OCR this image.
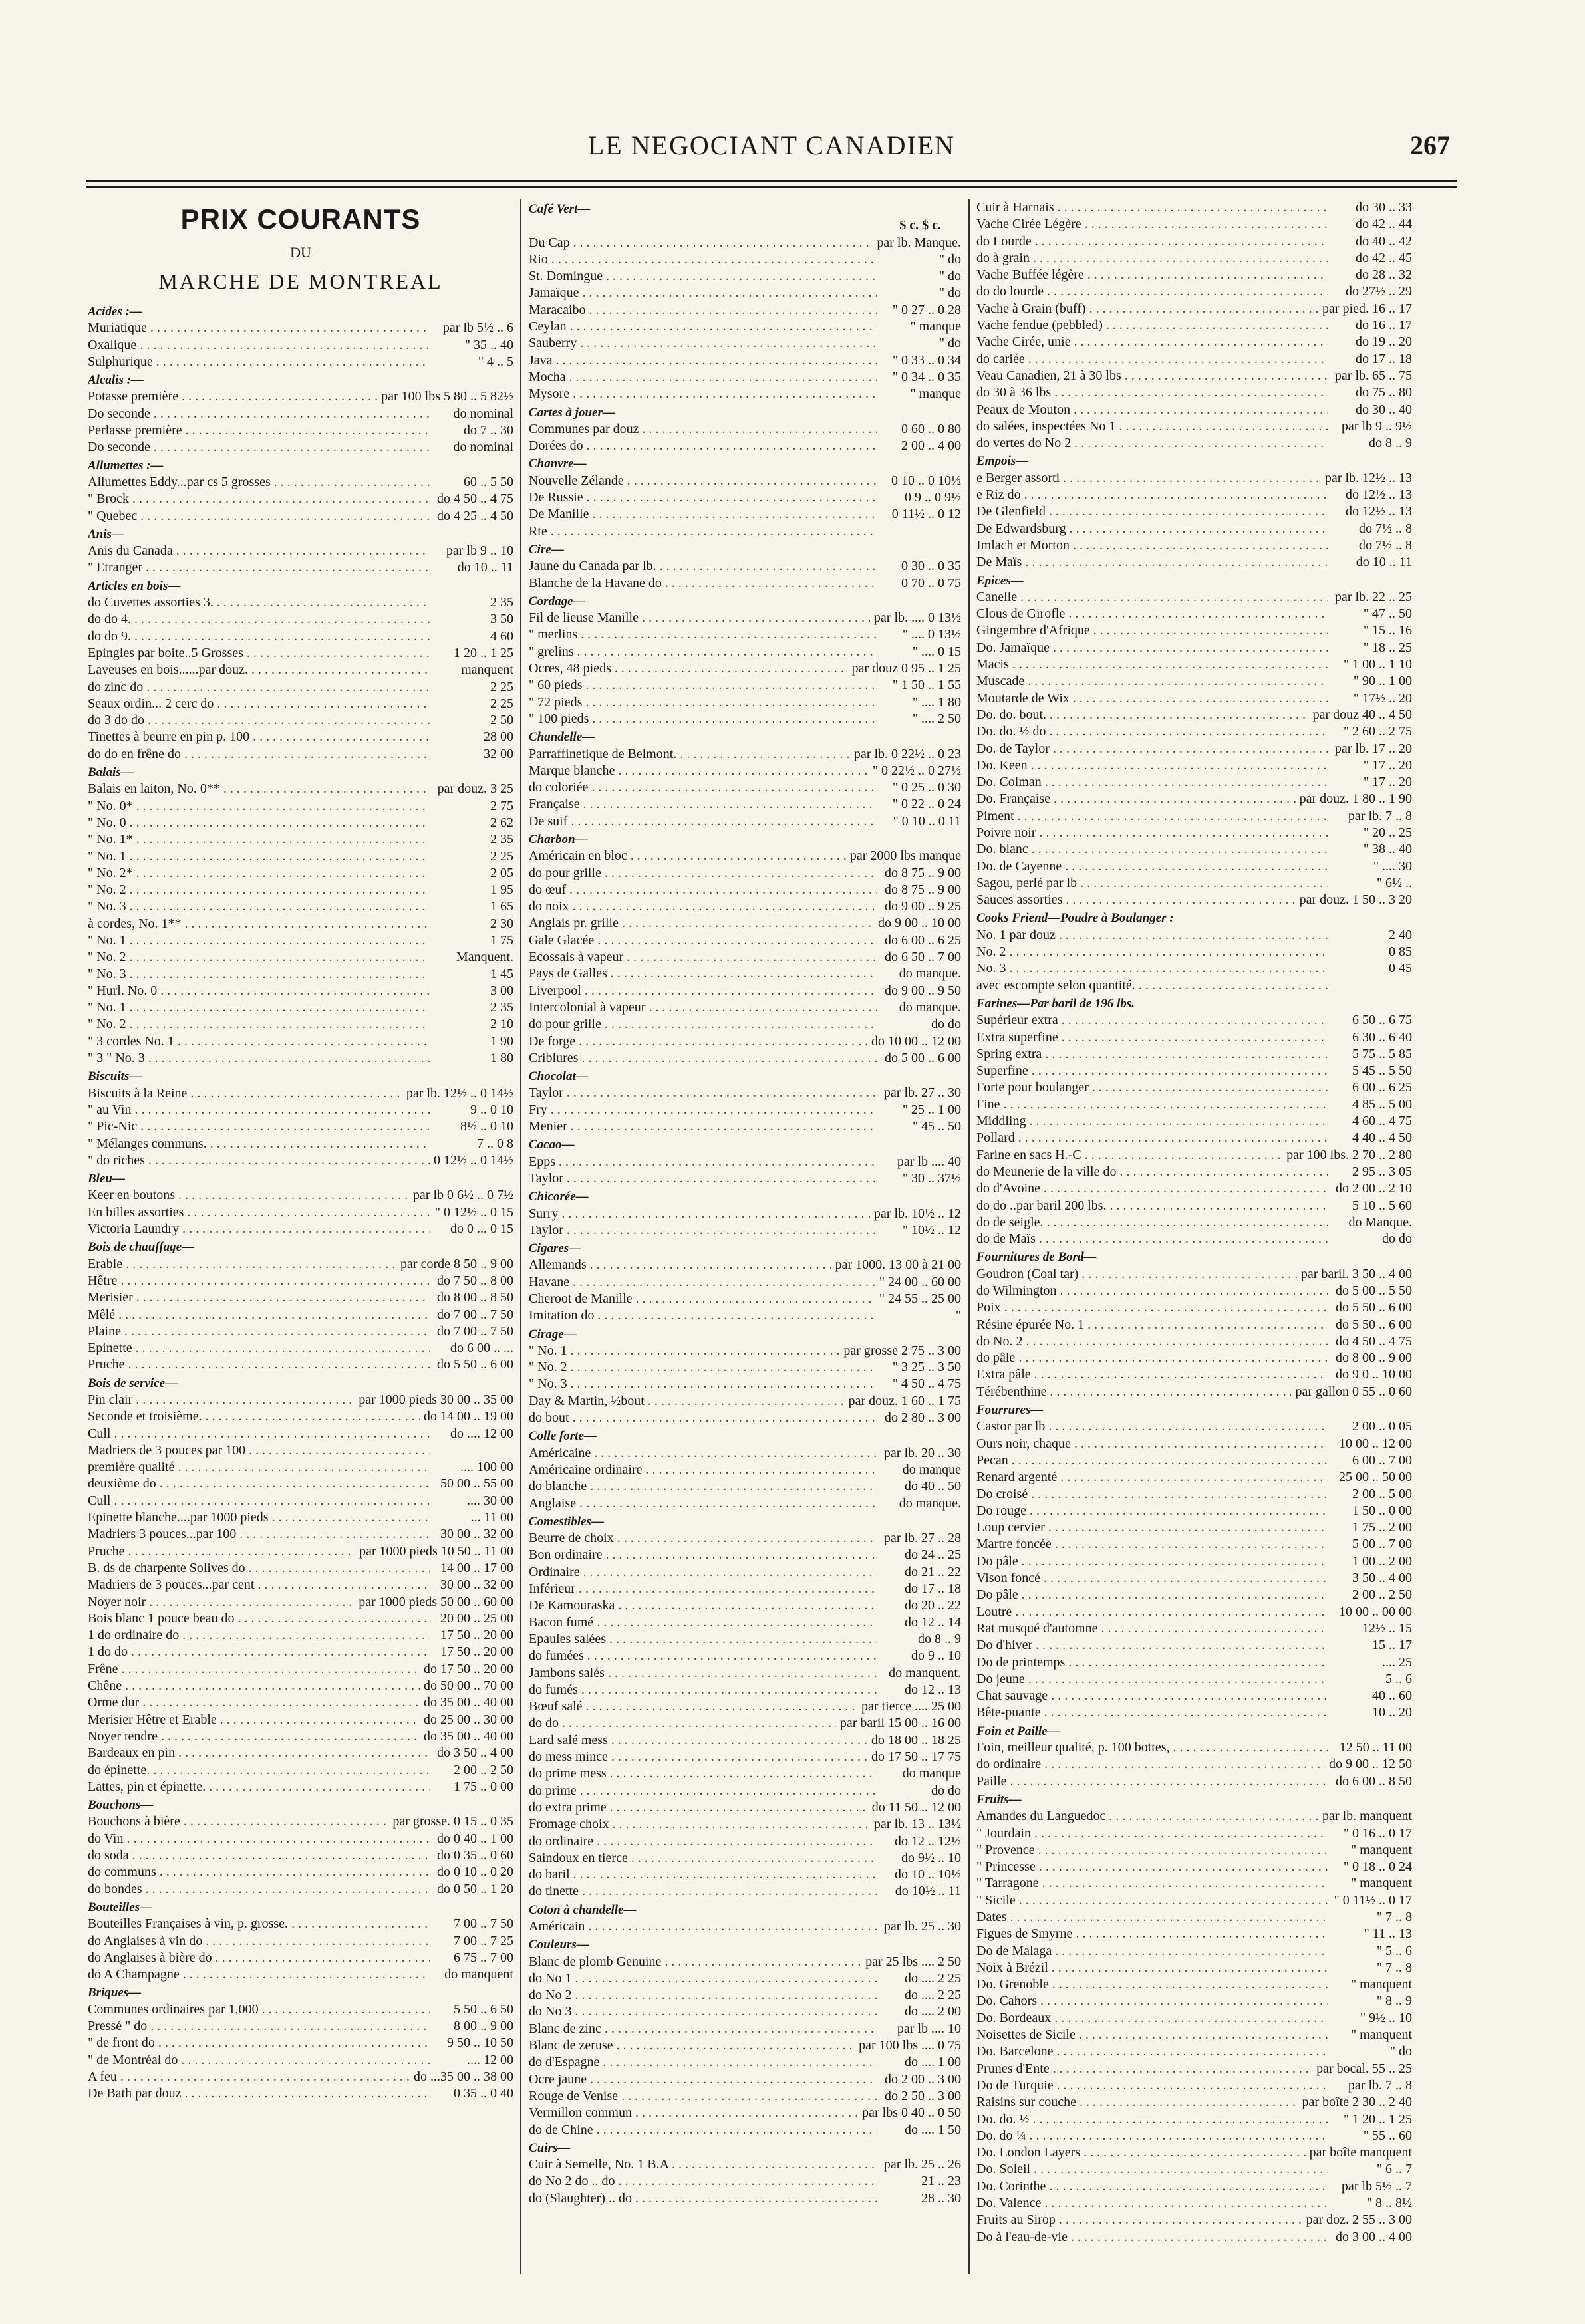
LE NEGOCIANT CANADIEN	267
PRIX COURANTS
DU
MARCHE DE MONTREAL
Acides :—
Muriatique . . .	par lb 5½ .. 6
Oxalique . . .	" 35 .. 40
Sulphurique . . .	" 4 .. 5
Alcalis :—
Potasse première . . .	par 100 lbs 5 80 .. 5 82½
Do seconde . . .	do nominal
Perlasse première . . .	do 7 .. 30
Do seconde . . .	do nominal
Allumettes :—
Allumettes Eddy...par cs 5 grosses . . .	60 .. 5 50
" Brock . . .	do 4 50 .. 4 75
" Quebec . . .	do 4 25 .. 4 50
Anis—
Anis du Canada . . .	par lb 9 .. 10
" Etranger . . .	do 10 .. 11
Articles en bois—
do Cuvettes assorties 3. . . .	2 35
do do 4. . . .	3 50
do do 9. . . .	4 60
Epingles par boite..5 Grosses . . .	1 20 .. 1 25
Laveuses en bois......par douz. . . .	manquent
do zinc do . . .	2 25
Seaux ordin... 2 cerc do . . .	2 25
do 3 do do . . .	2 50
Tinettes à beurre en pin p. 100 . . .	28 00
do do en frêne do . . .	32 00
Balais—
Balais en laiton, No. 0** . . .	par douz. 3 25
" No. 0* . . .	2 75
" No. 0 . . .	2 62
" No. 1* . . .	2 35
" No. 1 . . .	2 25
" No. 2* . . .	2 05
" No. 2 . . .	1 95
" No. 3 . . .	1 65
à cordes, No. 1** . . .	2 30
" No. 1 . . .	1 75
" No. 2 . . .	Manquent.
" No. 3 . . .	1 45
" Hurl. No. 0 . . .	3 00
" No. 1 . . .	2 35
" No. 2 . . .	2 10
" 3 cordes No. 1 . . .	1 90
" 3 " No. 3 . . .	1 80
Biscuits—
Biscuits à la Reine . . .	par lb. 12½ .. 0 14½
" au Vin . . .	9 .. 0 10
" Pic-Nic . . .	8½ .. 0 10
" Mélanges communs. . . .	7 .. 0 8
" do riches . . .	0 12½ .. 0 14½
Bleu—
Keer en boutons . . .	par lb 0 6½ .. 0 7½
En billes assorties . . .	" 0 12½ .. 0 15
Victoria Laundry . . .	do 0 ... 0 15
Bois de chauffage—
Erable . . .	par corde 8 50 .. 9 00
Hêtre . . .	do 7 50 .. 8 00
Merisier . . .	do 8 00 .. 8 50
Mêlé . . .	do 7 00 .. 7 50
Plaine . . .	do 7 00 .. 7 50
Epinette . . .	do 6 00 .. ...
Pruche . . .	do 5 50 .. 6 00
Bois de service—
Pin clair . . .	par 1000 pieds 30 00 .. 35 00
Seconde et troisième. . . .	do 14 00 .. 19 00
Cull . . .	do .... 12 00
Madriers de 3 pouces par 100 . . .
première qualité . . .	.... 100 00
deuxième do . . .	50 00 .. 55 00
Cull . . .	.... 30 00
Epinette blanche....par 1000 pieds . . .	... 11 00
Madriers 3 pouces...par 100 . . .	30 00 .. 32 00
Pruche . . .	par 1000 pieds 10 50 .. 11 00
B. ds de charpente Solives do . . .	14 00 .. 17 00
Madriers de 3 pouces...par cent . . .	30 00 .. 32 00
Noyer noir . . .	par 1000 pieds 50 00 .. 60 00
Bois blanc 1 pouce beau do . . .	20 00 .. 25 00
1 do ordinaire do . . .	17 50 .. 20 00
1 do do . . .	17 50 .. 20 00
Frêne . . .	do 17 50 .. 20 00
Chêne . . .	do 50 00 .. 70 00
Orme dur . . .	do 35 00 .. 40 00
Merisier Hêtre et Erable . . .	do 25 00 .. 30 00
Noyer tendre . . .	do 35 00 .. 40 00
Bardeaux en pin . . .	do 3 50 .. 4 00
do épinette. . . .	2 00 .. 2 50
Lattes, pin et épinette. . . .	1 75 .. 0 00
Bouchons—
Bouchons à bière . . .	par grosse. 0 15 .. 0 35
do Vin . . .	do 0 40 .. 1 00
do soda . . .	do 0 35 .. 0 60
do communs . . .	do 0 10 .. 0 20
do bondes . . .	do 0 50 .. 1 20
Bouteilles—
Bouteilles Françaises à vin, p. grosse. . . .	7 00 .. 7 50
do Anglaises à vin do . . .	7 00 .. 7 25
do Anglaises à bière do . . .	6 75 .. 7 00
do A Champagne . . .	do manquent
Briques—
Communes ordinaires par 1,000 . . .	5 50 .. 6 50
Pressé " do . . .	8 00 .. 9 00
" de front do . . .	9 50 .. 10 50
" de Montréal do . . .	.... 12 00
A feu . . .	do ...35 00 .. 38 00
De Bath par douz . . .	0 35 .. 0 40
Café Vert—
$ c. $ c.
Du Cap . . .	par lb. Manque.
Rio . . .	" do
St. Domingue . . .	" do
Jamaïque . . .	" do
Maracaibo . . .	" 0 27 .. 0 28
Ceylan . . .	" manque
Sauberry . . .	" do
Java . . .	" 0 33 .. 0 34
Mocha . . .	" 0 34 .. 0 35
Mysore . . .	" manque
Cartes à jouer—
Communes par douz . . .	0 60 .. 0 80
Dorées do . . .	2 00 .. 4 00
Chanvre—
Nouvelle Zélande . . .	0 10 .. 0 10½
De Russie . . .	0 9 .. 0 9½
De Manille . . .	0 11½ .. 0 12
Rte . . .
Cire—
Jaune du Canada par lb. . . .	0 30 .. 0 35
Blanche de la Havane do . . .	0 70 .. 0 75
Cordage—
Fil de lieuse Manille . . .	par lb. .... 0 13½
" merlins . . .	" .... 0 13½
" grelins . . .	" .... 0 15
Ocres, 48 pieds . . .	par douz 0 95 .. 1 25
" 60 pieds . . .	" 1 50 .. 1 55
" 72 pieds . . .	" .... 1 80
" 100 pieds . . .	" .... 2 50
Chandelle—
Parraffinetique de Belmont. . . .	par lb. 0 22½ .. 0 23
Marque blanche . . .	" 0 22½ .. 0 27½
do coloriée . . .	" 0 25 .. 0 30
Française . . .	" 0 22 .. 0 24
De suif . . .	" 0 10 .. 0 11
Charbon—
Américain en bloc . . .	par 2000 lbs manque
do pour grille . . .	do 8 75 .. 9 00
do œuf . . .	do 8 75 .. 9 00
do noix . . .	do 9 00 .. 9 25
Anglais pr. grille . . .	do 9 00 .. 10 00
Gale Glacée . . .	do 6 00 .. 6 25
Ecossais à vapeur . . .	do 6 50 .. 7 00
Pays de Galles . . .	do manque.
Liverpool . . .	do 9 00 .. 9 50
Intercolonial à vapeur . . .	do manque.
do pour grille . . .	do do
De forge . . .	do 10 00 .. 12 00
Criblures . . .	do 5 00 .. 6 00
Chocolat—
Taylor . . .	par lb. 27 .. 30
Fry . . .	" 25 .. 1 00
Menier . . .	" 45 .. 50
Cacao—
Epps . . .	par lb .... 40
Taylor . . .	" 30 .. 37½
Chicorée—
Surry . . .	par lb. 10½ .. 12
Taylor . . .	" 10½ .. 12
Cigares—
Allemands . . .	par 1000. 13 00 à 21 00
Havane . . .	" 24 00 .. 60 00
Cheroot de Manille . . .	" 24 55 .. 25 00
Imitation do . . .	"
Cirage—
" No. 1 . . .	par grosse 2 75 .. 3 00
" No. 2 . . .	" 3 25 .. 3 50
" No. 3 . . .	" 4 50 .. 4 75
Day & Martin, ½bout . . .	par douz. 1 60 .. 1 75
do bout . . .	do 2 80 .. 3 00
Colle forte—
Américaine . . .	par lb. 20 .. 30
Américaine ordinaire . . .	do manque
do blanche . . .	do 40 .. 50
Anglaise . . .	do manque.
Comestibles—
Beurre de choix . . .	par lb. 27 .. 28
Bon ordinaire . . .	do 24 .. 25
Ordinaire . . .	do 21 .. 22
Inférieur . . .	do 17 .. 18
De Kamouraska . . .	do 20 .. 22
Bacon fumé . . .	do 12 .. 14
Epaules salées . . .	do 8 .. 9
do fumées . . .	do 9 .. 10
Jambons salés . . .	do manquent.
do fumés . . .	do 12 .. 13
Bœuf salé . . .	par tierce .... 25 00
do do . . .	par baril 15 00 .. 16 00
Lard salé mess . . .	do 18 00 .. 18 25
do mess mince . . .	do 17 50 .. 17 75
do prime mess . . .	do manque
do prime . . .	do do
do extra prime . . .	do 11 50 .. 12 00
Fromage choix . . .	par lb. 13 .. 13½
do ordinaire . . .	do 12 .. 12½
Saindoux en tierce . . .	do 9½ .. 10
do baril . . .	do 10 .. 10½
do tinette . . .	do 10½ .. 11
Coton à chandelle—
Américain . . .	par lb. 25 .. 30
Couleurs—
Blanc de plomb Genuine . . .	par 25 lbs .... 2 50
do No 1 . . .	do .... 2 25
do No 2 . . .	do .... 2 25
do No 3 . . .	do .... 2 00
Blanc de zinc . . .	par lb .... 10
Blanc de zeruse . . .	par 100 lbs .... 0 75
do d'Espagne . . .	do .... 1 00
Ocre jaune . . .	do 2 00 .. 3 00
Rouge de Venise . . .	do 2 50 .. 3 00
Vermillon commun . . .	par lbs 0 40 .. 0 50
do de Chine . . .	do .... 1 50
Cuirs—
Cuir à Semelle, No. 1 B.A . . .	par lb. 25 .. 26
do No 2 do .. do . . .	21 .. 23
do (Slaughter) .. do . . .	28 .. 30
Cuir à Harnais . . .	do 30 .. 33
Vache Cirée Légère . . .	do 42 .. 44
do Lourde . . .	do 40 .. 42
do à grain . . .	do 42 .. 45
Vache Buffée légère . . .	do 28 .. 32
do do lourde . . .	do 27½ .. 29
Vache à Grain (buff) . . .	par pied. 16 .. 17
Vache fendue (pebbled) . . .	do 16 .. 17
Vache Cirée, unie . . .	do 19 .. 20
do cariée . . .	do 17 .. 18
Veau Canadien, 21 à 30 lbs . . .	par lb. 65 .. 75
do 30 à 36 lbs . . .	do 75 .. 80
Peaux de Mouton . . .	do 30 .. 40
do salées, inspectées No 1 . . .	par lb 9 .. 9½
do vertes do No 2 . . .	do 8 .. 9
Empois—
e Berger assorti . . .	par lb. 12½ .. 13
e Riz do . . .	do 12½ .. 13
De Glenfield . . .	do 12½ .. 13
De Edwardsburg . . .	do 7½ .. 8
Imlach et Morton . . .	do 7½ .. 8
De Maïs . . .	do 10 .. 11
Epices—
Canelle . . .	par lb. 22 .. 25
Clous de Girofle . . .	" 47 .. 50
Gingembre d'Afrique . . .	" 15 .. 16
Do. Jamaïque . . .	" 18 .. 25
Macis . . .	" 1 00 .. 1 10
Muscade . . .	" 90 .. 1 00
Moutarde de Wix . . .	" 17½ .. 20
Do. do. bout. . . .	par douz 40 .. 4 50
Do. do. ½ do . . .	" 2 60 .. 2 75
Do. de Taylor . . .	par lb. 17 .. 20
Do. Keen . . .	" 17 .. 20
Do. Colman . . .	" 17 .. 20
Do. Française . . .	par douz. 1 80 .. 1 90
Piment . . .	par lb. 7 .. 8
Poivre noir . . .	" 20 .. 25
Do. blanc . . .	" 38 .. 40
Do. de Cayenne . . .	" .... 30
Sagou, perlé par lb . . .	" 6½ ..
Sauces assorties . . .	par douz. 1 50 .. 3 20
Cooks Friend—Poudre à Boulanger :
No. 1 par douz . . .	2 40
No. 2 . . .	0 85
No. 3 . . .	0 45
avec escompte selon quantité. . . .
Farines—Par baril de 196 lbs.
Supérieur extra . . .	6 50 .. 6 75
Extra superfine . . .	6 30 .. 6 40
Spring extra . . .	5 75 .. 5 85
Superfine . . .	5 45 .. 5 50
Forte pour boulanger . . .	6 00 .. 6 25
Fine . . .	4 85 .. 5 00
Middling . . .	4 60 .. 4 75
Pollard . . .	4 40 .. 4 50
Farine en sacs H.-C . . .	par 100 lbs. 2 70 .. 2 80
do Meunerie de la ville do . . .	2 95 .. 3 05
do d'Avoine . . .	do 2 00 .. 2 10
do do ..par baril 200 lbs. . . .	5 10 .. 5 60
do de seigle. . . .	do Manque.
do de Maïs . . .	do do
Fournitures de Bord—
Goudron (Coal tar) . . .	par baril. 3 50 .. 4 00
do Wilmington . . .	do 5 00 .. 5 50
Poix . . .	do 5 50 .. 6 00
Résine épurée No. 1 . . .	do 5 50 .. 6 00
do No. 2 . . .	do 4 50 .. 4 75
do pâle . . .	do 8 00 .. 9 00
Extra pâle . . .	do 9 0 .. 10 00
Térébenthine . . .	par gallon 0 55 .. 0 60
Fourrures—
Castor par lb . . .	2 00 .. 0 05
Ours noir, chaque . . .	10 00 .. 12 00
Pecan . . .	6 00 .. 7 00
Renard argenté . . .	25 00 .. 50 00
Do croisé . . .	2 00 .. 5 00
Do rouge . . .	1 50 .. 0 00
Loup cervier . . .	1 75 .. 2 00
Martre foncée . . .	5 00 .. 7 00
Do pâle . . .	1 00 .. 2 00
Vison foncé . . .	3 50 .. 4 00
Do pâle . . .	2 00 .. 2 50
Loutre . . .	10 00 .. 00 00
Rat musqué d'automne . . .	12½ .. 15
Do d'hiver . . .	15 .. 17
Do de printemps . . .	.... 25
Do jeune . . .	5 .. 6
Chat sauvage . . .	40 .. 60
Bête-puante . . .	10 .. 20
Foin et Paille—
Foin, meilleur qualité, p. 100 bottes, . . .	12 50 .. 11 00
do ordinaire . . .	do 9 00 .. 12 50
Paille . . .	do 6 00 .. 8 50
Fruits—
Amandes du Languedoc . . .	par lb. manquent
" Jourdain . . .	" 0 16 .. 0 17
" Provence . . .	" manquent
" Princesse . . .	" 0 18 .. 0 24
" Tarragone . . .	" manquent
" Sicile . . .	" 0 11½ .. 0 17
Dates . . .	" 7 .. 8
Figues de Smyrne . . .	" 11 .. 13
Do de Malaga . . .	" 5 .. 6
Noix à Brézil . . .	" 7 .. 8
Do. Grenoble . . .	" manquent
Do. Cahors . . .	" 8 .. 9
Do. Bordeaux . . .	" 9½ .. 10
Noisettes de Sicile . . .	" manquent
Do. Barcelone . . .	" do
Prunes d'Ente . . .	par bocal. 55 .. 25
Do de Turquie . . .	par lb. 7 .. 8
Raisins sur couche . . .	par boîte 2 30 .. 2 40
Do. do. ½ . . .	" 1 20 .. 1 25
Do. do ¼ . . .	" 55 .. 60
Do. London Layers . . .	par boîte manquent
Do. Soleil . . .	" 6 .. 7
Do. Corinthe . . .	par lb 5½ .. 7
Do. Valence . . .	" 8 .. 8½
Fruits au Sirop . . .	par doz. 2 55 .. 3 00
Do à l'eau-de-vie . . .	do 3 00 .. 4 00
